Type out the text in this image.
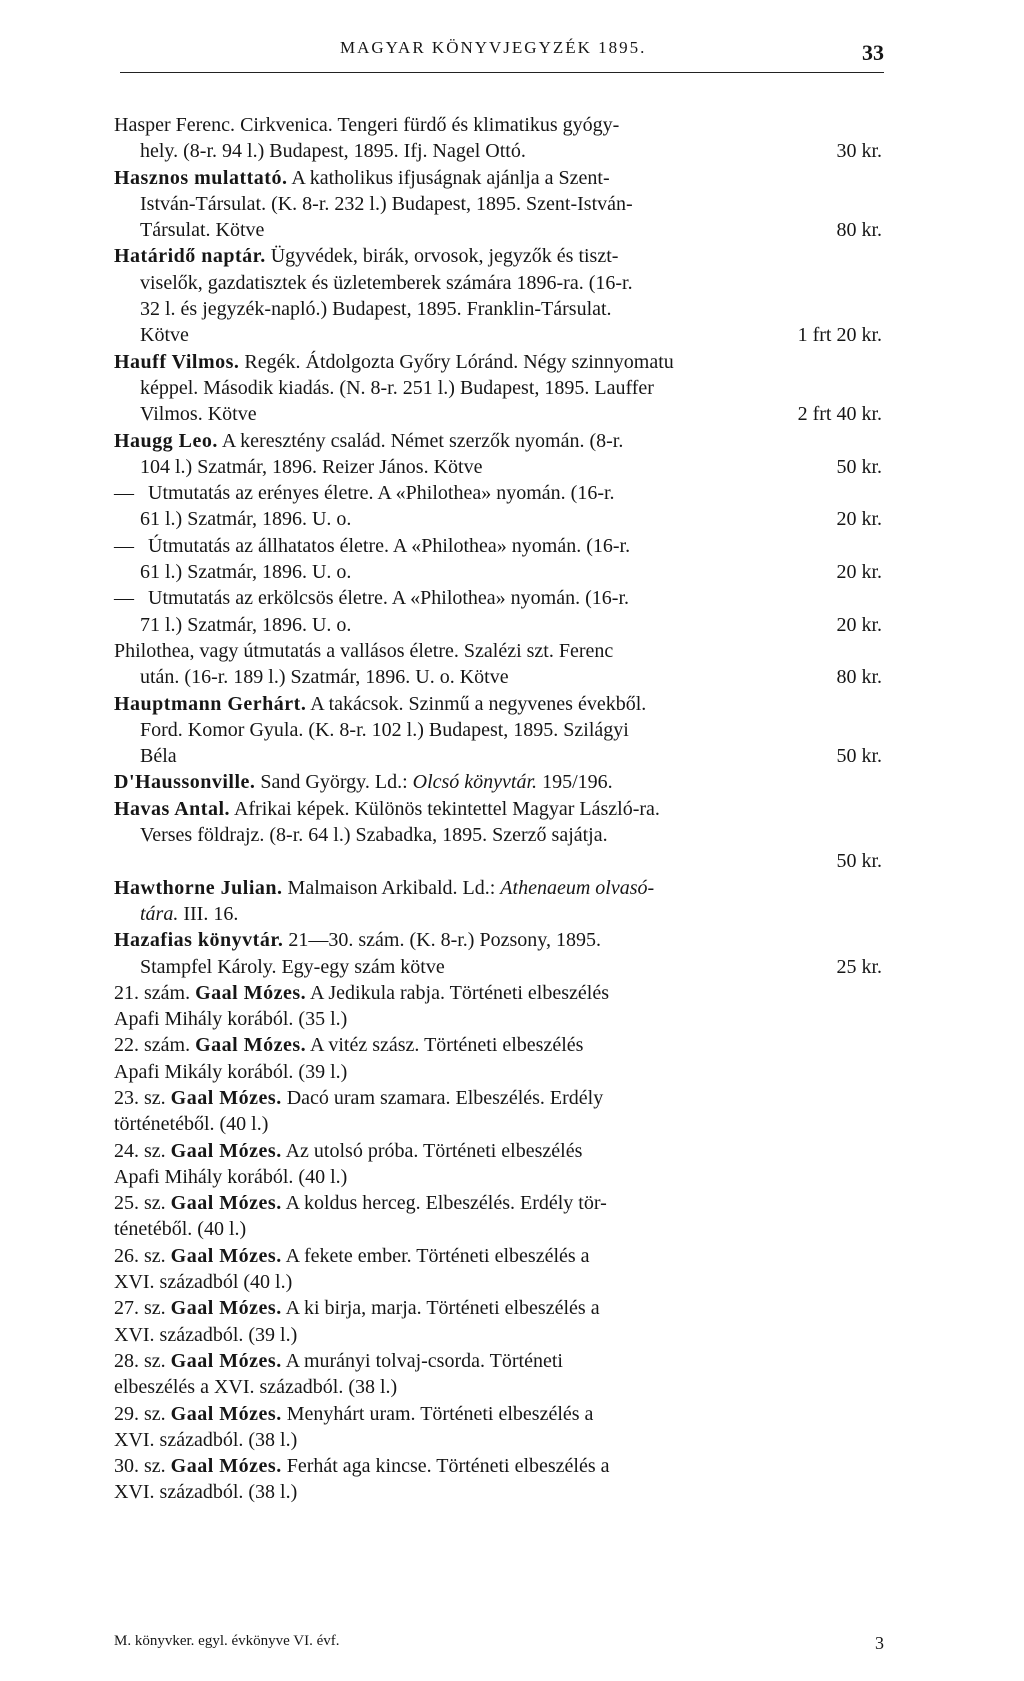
MAGYAR KÖNYVJEGYZÉK 1895.	33
Hasper Ferenc. Cirkvenica. Tengeri fürdő és klimatikus gyógy-
hely. (8-r. 94 l.) Budapest, 1895. Ifj. Nagel Ottó.	30 kr.
Hasznos mulattató. A katholikus ifjuságnak ajánlja a Szent-
István-Társulat. (K. 8-r. 232 l.) Budapest, 1895. Szent-István-
Társulat. Kötve	80 kr.
Határidő naptár. Ügyvédek, birák, orvosok, jegyzők és tiszt-
viselők, gazdatisztek és üzletemberek számára 1896-ra. (16-r.
32 l. és jegyzék-napló.) Budapest, 1895. Franklin-Társulat.
Kötve	1 frt 20 kr.
Hauff Vilmos. Regék. Átdolgozta Győry Lóránd. Négy szinnyomatu
képpel. Második kiadás. (N. 8-r. 251 l.) Budapest, 1895. Lauffer
Vilmos. Kötve	2 frt 40 kr.
Haugg Leo. A keresztény család. Német szerzők nyomán. (8-r.
104 l.) Szatmár, 1896. Reizer János. Kötve	50 kr.
— Utmutatás az erényes életre. A «Philothea» nyomán. (16-r.
61 l.) Szatmár, 1896. U. o.	20 kr.
— Útmutatás az állhatatos életre. A «Philothea» nyomán. (16-r.
61 l.) Szatmár, 1896. U. o.	20 kr.
— Utmutatás az erkölcsös életre. A «Philothea» nyomán. (16-r.
71 l.) Szatmár, 1896. U. o.	20 kr.
Philothea, vagy útmutatás a vallásos életre. Szalézi szt. Ferenc
után. (16-r. 189 l.) Szatmár, 1896. U. o. Kötve	80 kr.
Hauptmann Gerhárt. A takácsok. Szinmű a negyvenes évekből.
Ford. Komor Gyula. (K. 8-r. 102 l.) Budapest, 1895. Szilágyi
Béla	50 kr.
D'Haussonville. Sand György. Ld.: Olcsó könyvtár. 195/196.
Havas Antal. Afrikai képek. Különös tekintettel Magyar László-ra.
Verses földrajz. (8-r. 64 l.) Szabadka, 1895. Szerző sajátja.
50 kr.
Hawthorne Julian. Malmaison Arkibald. Ld.: Athenaeum olvasó-
tára. III. 16.
Hazafias könyvtár. 21—30. szám. (K. 8-r.) Pozsony, 1895.
Stampfel Károly. Egy-egy szám kötve	25 kr.
21. szám. Gaal Mózes. A Jedikula rabja. Történeti elbeszélés
Apafi Mihály korából. (35 l.)
22. szám. Gaal Mózes. A vitéz szász. Történeti elbeszélés
Apafi Mikály korából. (39 l.)
23. sz. Gaal Mózes. Dacó uram szamara. Elbeszélés. Erdély
történetéből. (40 l.)
24. sz. Gaal Mózes. Az utolsó próba. Történeti elbeszélés
Apafi Mihály korából. (40 l.)
25. sz. Gaal Mózes. A koldus herceg. Elbeszélés. Erdély tör-
ténetéből. (40 l.)
26. sz. Gaal Mózes. A fekete ember. Történeti elbeszélés a
XVI. századból (40 l.)
27. sz. Gaal Mózes. A ki birja, marja. Történeti elbeszélés a
XVI. századból. (39 l.)
28. sz. Gaal Mózes. A murányi tolvaj-csorda. Történeti
elbeszélés a XVI. századból. (38 l.)
29. sz. Gaal Mózes. Menyhárt uram. Történeti elbeszélés a
XVI. századból. (38 l.)
30. sz. Gaal Mózes. Ferhát aga kincse. Történeti elbeszélés a
XVI. századból. (38 l.)
M. könyvker. egyl. évkönyve VI. évf.	3
